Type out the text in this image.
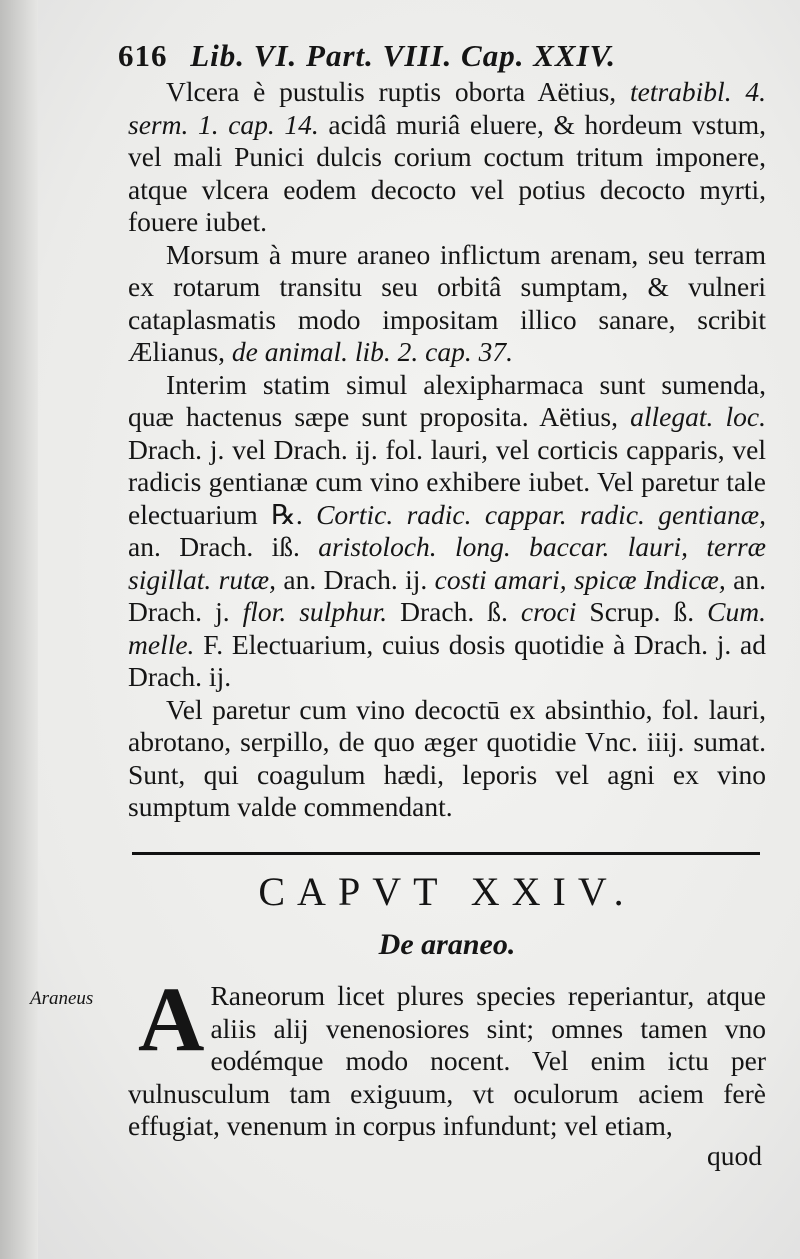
616 Lib. VI. Part. VIII. Cap. XXIV.

Vlcera è pustulis ruptis oborta Aëtius, tetrabibl. 4. serm. 1. cap. 14. acidâ muriâ eluere, & hordeum vstum, vel mali Punici dulcis corium coctum tritum imponere, atque vlcera eodem decocto vel potius decocto myrti, fouere iubet.

Morsum à mure araneo inflictum arenam, seu terram ex rotarum transitu seu orbitâ sumptam, & vulneri cataplasmatis modo impositam illico sanare, scribit Ælianus, de animal. lib. 2. cap. 37.

Interim statim simul alexipharmaca sunt sumenda, quæ hactenus sæpe sunt proposita. Aëtius, allegat. loc. Drach. j. vel Drach. ij. fol. lauri, vel corticis capparis, vel radicis gentianæ cum vino exhibere iubet. Vel paretur tale electuarium ℞. Cortic. radic. cappar. radic. gentianæ, an. Drach. iß. aristoloch. long. baccar. lauri, terræ sigillat. rutæ, an. Drach. ij. costi amari, spicæ Indicæ, an. Drach. j. flor. sulphur. Drach. ß. croci Scrup. ß. Cum. melle. F. Electuarium, cuius dosis quotidie à Drach. j. ad Drach. ij.

Vel paretur cum vino decoctū ex absinthio, fol. lauri, abrotano, serpillo, de quo æger quotidie Vnc. iiij. sumat. Sunt, qui coagulum hædi, leporis vel agni ex vino sumptum valde commendant.

CAPVT XXIV.
De araneo.
Araneus A Raneorum licet plures species reperiantur, atque aliis alij venenosiores sint; omnes tamen vno eodémque modo nocent. Vel enim ictu per vulnusculum tam exiguum, vt oculorum aciem ferè effugiat, venenum in corpus infundunt; vel etiam,

quod
